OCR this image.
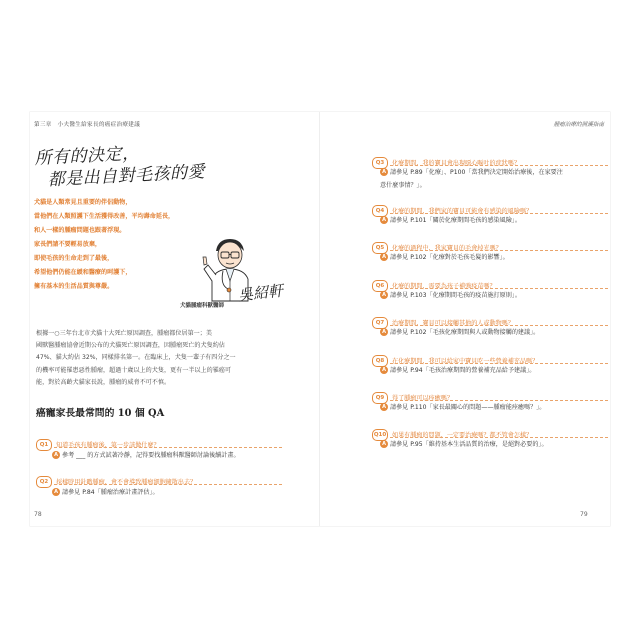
第三章　小夫醫生給家長的癌症治療建議	腫瘤治療的照護指南
所有的決定，
都是出自對毛孩的愛
犬貓是人類常見且重要的伴侶動物，
當他們在人類照護下生活獲得改善，平均壽命延長，
和人一樣的腫瘤問題也跟著浮現。
家長們請不要輕易放棄，
即使毛孩的生命走到了最後，
希望他們仍能在緩和醫療的呵護下，
擁有基本的生活品質與尊嚴。
犬貓腫瘤科獸醫師
吳紹軒
根據一○三年台北市犬貓十大死亡原因調查，腫瘤都位居第一；美
國獸醫腫瘤協會近期公布的犬貓死亡原因調查，因腫瘤死亡的犬隻約佔
47%、貓大約佔 32%，同樣排名第一。在臨床上，犬隻一輩子有四分之一
的機率可能罹患惡性腫瘤，超過十歲以上的犬隻，更有一半以上的罹癌可
能，對於高齡犬貓家長說，腫瘤的威脅不可不慎。
癌寵家長最常問的 10 個 QA
Q1 知道毛孩有腫瘤後，第一步該做什麼？
A 參考 ___ 的方式試著冷靜，記得要找腫瘤科獸醫師討論後續計畫。
Q2 採樣時用針戳腫瘤，會不會導致腫瘤細胞擴散出去？
A 請參見 P.84「腫瘤治療計畫評估」。
Q3 化療期間，我的寶貝會出現噁心嘔吐的症狀嗎？
A 請參見 P.89「化療」、P100「當我們決定開始治療後，在家要注
意什麼事情？」。
Q4 化療的期間，我們家的寶貝可能會有感染的風險嗎？
A 請參見 P.101「關於化療期間毛孩的感染風險」。
Q5 化療的過程中，我家寶貝的毛會掉光嗎？
A 請參見 P.102「化療對於毛孩毛髮的影響」。
Q6 化療的期間，需要為孩子補強疫苗嗎？
A 請參見 P.103「化療期間毛孩的疫苗施打原則」。
Q7 治療期間，寶貝可以接觸其他的人或動物嗎？
A 請參見 P.102「毛孩化療期間與人或動物接觸的建議」。
Q8 在化療期間，我可以給家中寶貝吃一些營養補充品嗎？
A 請參見 P.94「毛孩治療期間的營養補充品給予建議」。
Q9 得了腫瘤可以痊癒嗎？
A 請參見 P.110「家長最關心的問題——腫瘤能痊癒嗎？」。
Q10 如果有腫瘤的問題，一定要治療嗎？都不管會怎樣？
A 請參見 P.95「維持基本生活品質的治療，是絕對必要的」。
78	79
